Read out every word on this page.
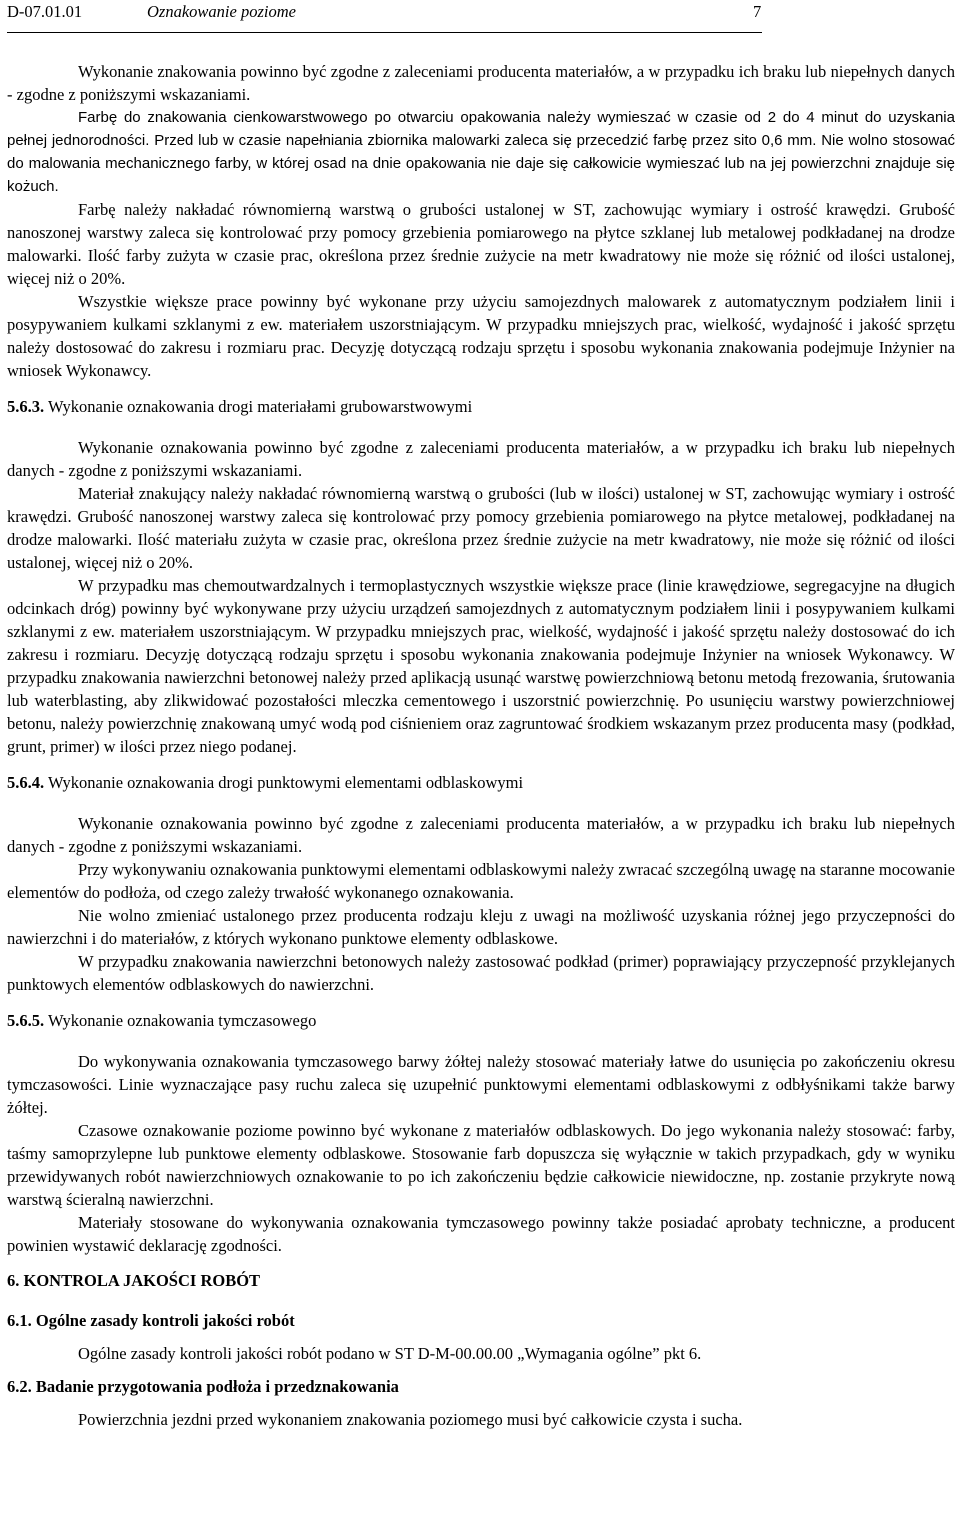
D-07.01.01	Oznakowanie poziome	7

Wykonanie znakowania powinno być zgodne z zaleceniami producenta materiałów, a w przypadku ich braku lub niepełnych danych - zgodne z poniższymi wskazaniami.

Farbę do znakowania cienkowarstwowego po otwarciu opakowania należy wymieszać w czasie od 2 do 4 minut do uzyskania pełnej jednorodności. Przed lub w czasie napełniania zbiornika malowarki zaleca się przecedzić farbę przez sito 0,6 mm. Nie wolno stosować do malowania mechanicznego farby, w której osad na dnie opakowania nie daje się całkowicie wymieszać lub na jej powierzchni znajduje się kożuch.

Farbę należy nakładać równomierną warstwą o grubości ustalonej w ST, zachowując wymiary i ostrość krawędzi. Grubość nanoszonej warstwy zaleca się kontrolować przy pomocy grzebienia pomiarowego na płytce szklanej lub metalowej podkładanej na drodze malowarki. Ilość farby zużyta w czasie prac, określona przez średnie zużycie na metr kwadratowy nie może się różnić od ilości ustalonej, więcej niż o 20%.

Wszystkie większe prace powinny być wykonane przy użyciu samojezdnych malowarek z automatycznym podziałem linii i posypywaniem kulkami szklanymi z ew. materiałem uszorstniającym. W przypadku mniejszych prac, wielkość, wydajność i jakość sprzętu należy dostosować do zakresu i rozmiaru prac. Decyzję dotyczącą rodzaju sprzętu i sposobu wykonania znakowania podejmuje Inżynier na wniosek Wykonawcy.

5.6.3. Wykonanie oznakowania drogi materiałami grubowarstwowymi

Wykonanie oznakowania powinno być zgodne z zaleceniami producenta materiałów, a w przypadku ich braku lub niepełnych danych - zgodne z poniższymi wskazaniami.

Materiał znakujący należy nakładać równomierną warstwą o grubości (lub w ilości) ustalonej w ST, zachowując wymiary i ostrość krawędzi. Grubość nanoszonej warstwy zaleca się kontrolować przy pomocy grzebienia pomiarowego na płytce metalowej, podkładanej na drodze malowarki. Ilość materiału zużyta w czasie prac, określona przez średnie zużycie na metr kwadratowy, nie może się różnić od ilości ustalonej, więcej niż o 20%.

W przypadku mas chemoutwardzalnych i termoplastycznych wszystkie większe prace (linie krawędziowe, segregacyjne na długich odcinkach dróg) powinny być wykonywane przy użyciu urządzeń samojezdnych z automatycznym podziałem linii i posypywaniem kulkami szklanymi z ew. materiałem uszorstniającym. W przypadku mniejszych prac, wielkość, wydajność i jakość sprzętu należy dostosować do ich zakresu i rozmiaru. Decyzję dotyczącą rodzaju sprzętu i sposobu wykonania znakowania podejmuje Inżynier na wniosek Wykonawcy. W przypadku znakowania nawierzchni betonowej należy przed aplikacją usunąć warstwę powierzchniową betonu metodą frezowania, śrutowania lub waterblasting, aby zlikwidować pozostałości mleczka cementowego i uszorstnić powierzchnię. Po usunięciu warstwy powierzchniowej betonu, należy powierzchnię znakowaną umyć wodą pod ciśnieniem oraz zagruntować środkiem wskazanym przez producenta masy (podkład, grunt, primer) w ilości przez niego podanej.

5.6.4. Wykonanie oznakowania drogi punktowymi elementami odblaskowymi

Wykonanie oznakowania powinno być zgodne z zaleceniami producenta materiałów, a w przypadku ich braku lub niepełnych danych - zgodne z poniższymi wskazaniami.

Przy wykonywaniu oznakowania punktowymi elementami odblaskowymi należy zwracać szczególną uwagę na staranne mocowanie elementów do podłoża, od czego zależy trwałość wykonanego oznakowania.

Nie wolno zmieniać ustalonego przez producenta rodzaju kleju z uwagi na możliwość uzyskania różnej jego przyczepności do nawierzchni i do materiałów, z których wykonano punktowe elementy odblaskowe.

W przypadku znakowania nawierzchni betonowych należy zastosować podkład (primer) poprawiający przyczepność przyklejanych punktowych elementów odblaskowych do nawierzchni.

5.6.5. Wykonanie oznakowania tymczasowego

Do wykonywania oznakowania tymczasowego barwy żółtej należy stosować materiały łatwe do usunięcia po zakończeniu okresu tymczasowości. Linie wyznaczające pasy ruchu zaleca się uzupełnić punktowymi elementami odblaskowymi z odbłyśnikami także barwy żółtej.

Czasowe oznakowanie poziome powinno być wykonane z materiałów odblaskowych. Do jego wykonania należy stosować: farby, taśmy samoprzylepne lub punktowe elementy odblaskowe. Stosowanie farb dopuszcza się wyłącznie w takich przypadkach, gdy w wyniku przewidywanych robót nawierzchniowych oznakowanie to po ich zakończeniu będzie całkowicie niewidoczne, np. zostanie przykryte nową warstwą ścieralną nawierzchni.

Materiały stosowane do wykonywania oznakowania tymczasowego powinny także posiadać aprobaty techniczne, a producent powinien wystawić deklarację zgodności.

6. KONTROLA JAKOŚCI ROBÓT
6.1. Ogólne zasady kontroli jakości robót

Ogólne zasady kontroli jakości robót podano w ST D-M-00.00.00 „Wymagania ogólne” pkt 6.

6.2. Badanie przygotowania podłoża i przedznakowania

Powierzchnia jezdni przed wykonaniem znakowania poziomego musi być całkowicie czysta i sucha.
